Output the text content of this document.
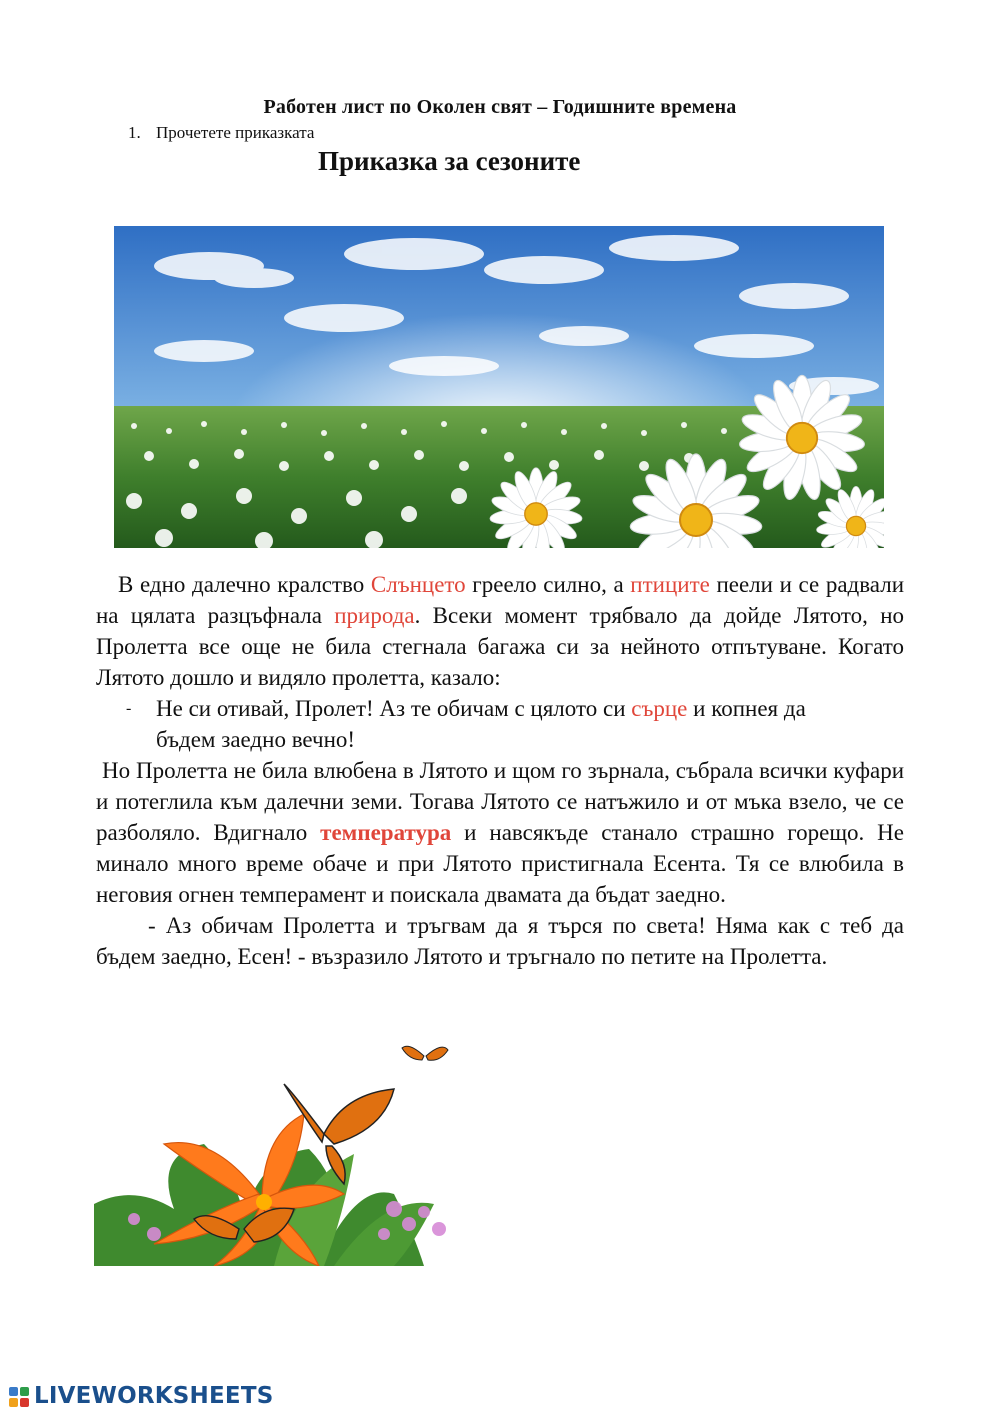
Работен лист по Околен свят – Годишните времена
1. Прочетете приказката
Приказка за сезоните

В едно далечно кралство Слънцето греело силно, а птиците пеели и се радвали на цялата разцъфнала природа. Всеки момент трябвало да дойде Лятото, но Пролетта все още не била стегнала багажа си за нейното отпътуване. Когато Лятото дошло и видяло пролетта, казало:

- Не си отивай, Пролет! Аз те обичам с цялото си сърце и копнея да

бъдем заедно вечно!

Но Пролетта не била влюбена в Лятото и щом го зърнала, събрала всички куфари и потеглила към далечни земи. Тогава Лятото се натъжило и от мъка взело, че се разболяло. Вдигнало температура и навсякъде станало страшно горещо. Не минало много време обаче и при Лятото пристигнала Есента. Тя се влюбила в неговия огнен темперамент и поискала двамата да бъдат заедно.

- Аз обичам Пролетта и тръгвам да я търся по света! Няма как с теб да бъдем заедно, Есен! - възразило Лятото и тръгнало по петите на Пролетта.

LIVEWORKSHEETS
